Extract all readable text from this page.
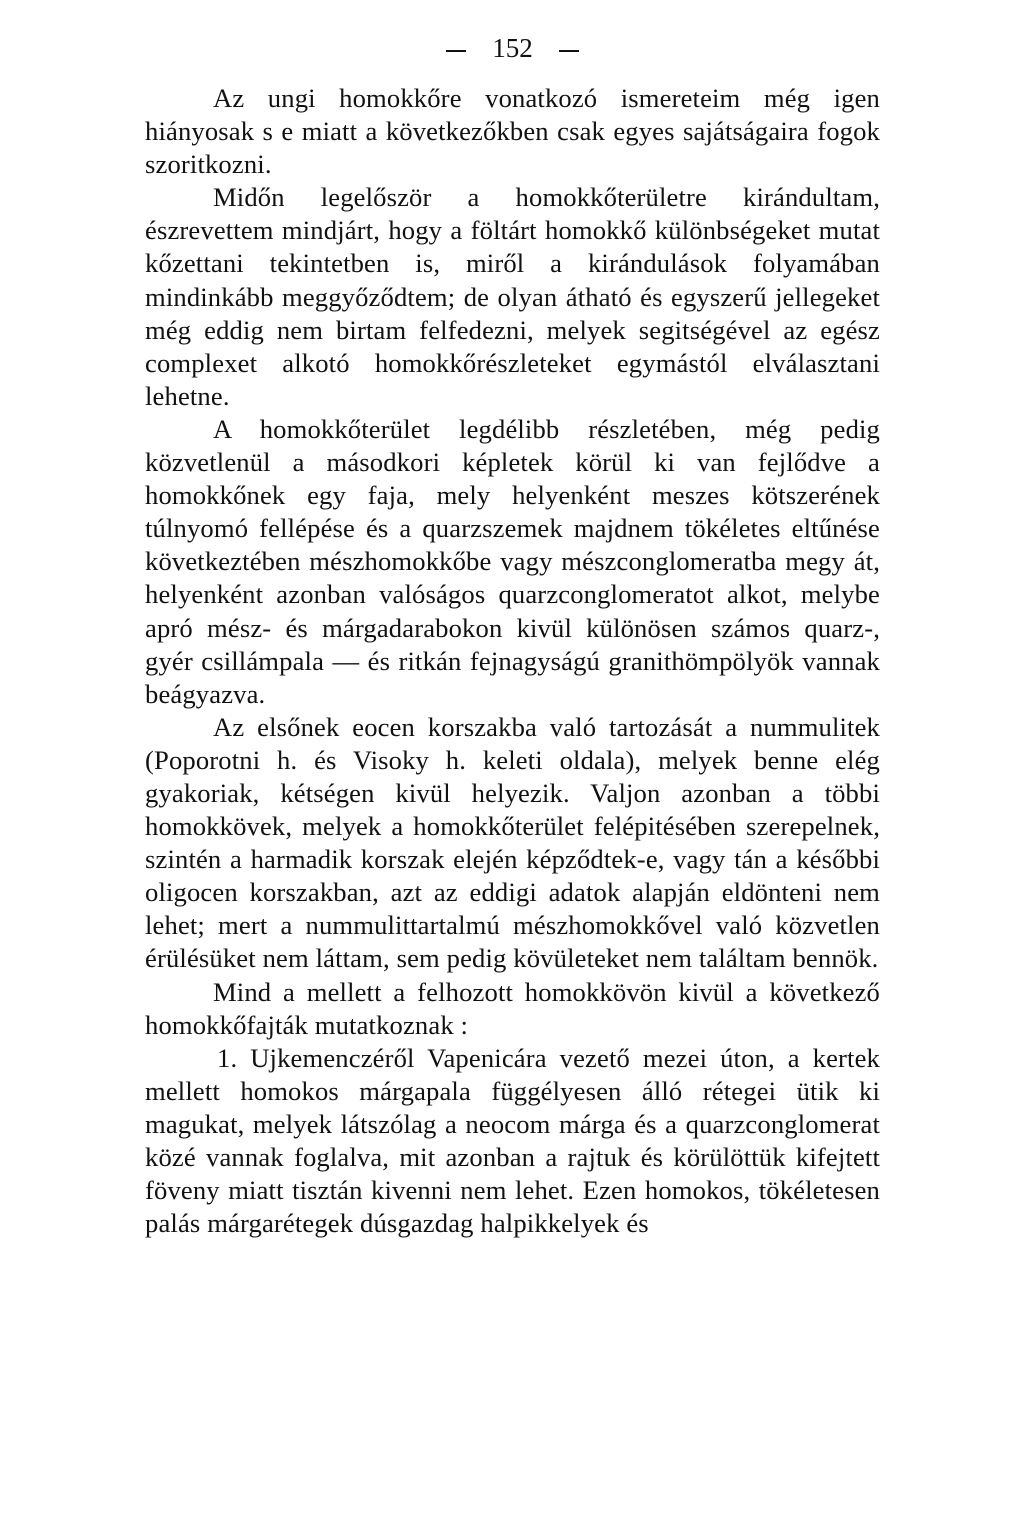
152

Az ungi homokkőre vonatkozó ismereteim még igen hiányosak s e miatt a következőkben csak egyes sajátságaira fogok szoritkozni.

Midőn legelőször a homokkőterületre kirándultam, észrevettem mindjárt, hogy a föltárt homokkő különbségeket mutat kőzettani tekintetben is, miről a kirándulások folyamában mindinkább meggyőződtem; de olyan átható és egyszerű jellegeket még eddig nem birtam felfedezni, melyek segitségével az egész complexet alkotó homokkőrészleteket egymástól elválasztani lehetne.

A homokkőterület legdélibb részletében, még pedig közvetlenül a másodkori képletek körül ki van fejlődve a homokkőnek egy faja, mely helyenként meszes kötszerének túlnyomó fellépése és a quarzszemek majdnem tökéletes eltűnése következtében mészhomokkőbe vagy mészconglomeratba megy át, helyenként azonban valóságos quarzconglomeratot alkot, melybe apró mész- és márgadarabokon kivül különösen számos quarz-, gyér csillámpala — és ritkán fejnagyságú granithömpölyök vannak beágyazva.

Az elsőnek eocen korszakba való tartozását a nummulitek (Poporotni h. és Visoky h. keleti oldala), melyek benne elég gyakoriak, kétségen kivül helyezik. Valjon azonban a többi homokkövek, melyek a homokkőterület felépitésében szerepelnek, szintén a harmadik korszak elején képződtek-e, vagy tán a későbbi oligocen korszakban, azt az eddigi adatok alapján eldönteni nem lehet; mert a nummulittartalmú mészhomokkővel való közvetlen érülésüket nem láttam, sem pedig kövületeket nem találtam bennök.

Mind a mellett a felhozott homokkövön kivül a következő homokkőfajták mutatkoznak :

1. Ujkemenczéről Vapenicára vezető mezei úton, a kertek mellett homokos márgapala függélyesen álló rétegei ütik ki magukat, melyek látszólag a neocom márga és a quarzconglomerat közé vannak foglalva, mit azonban a rajtuk és körülöttük kifejtett föveny miatt tisztán kivenni nem lehet. Ezen homokos, tökéletesen palás márgarétegek dúsgazdag halpikkelyek és
